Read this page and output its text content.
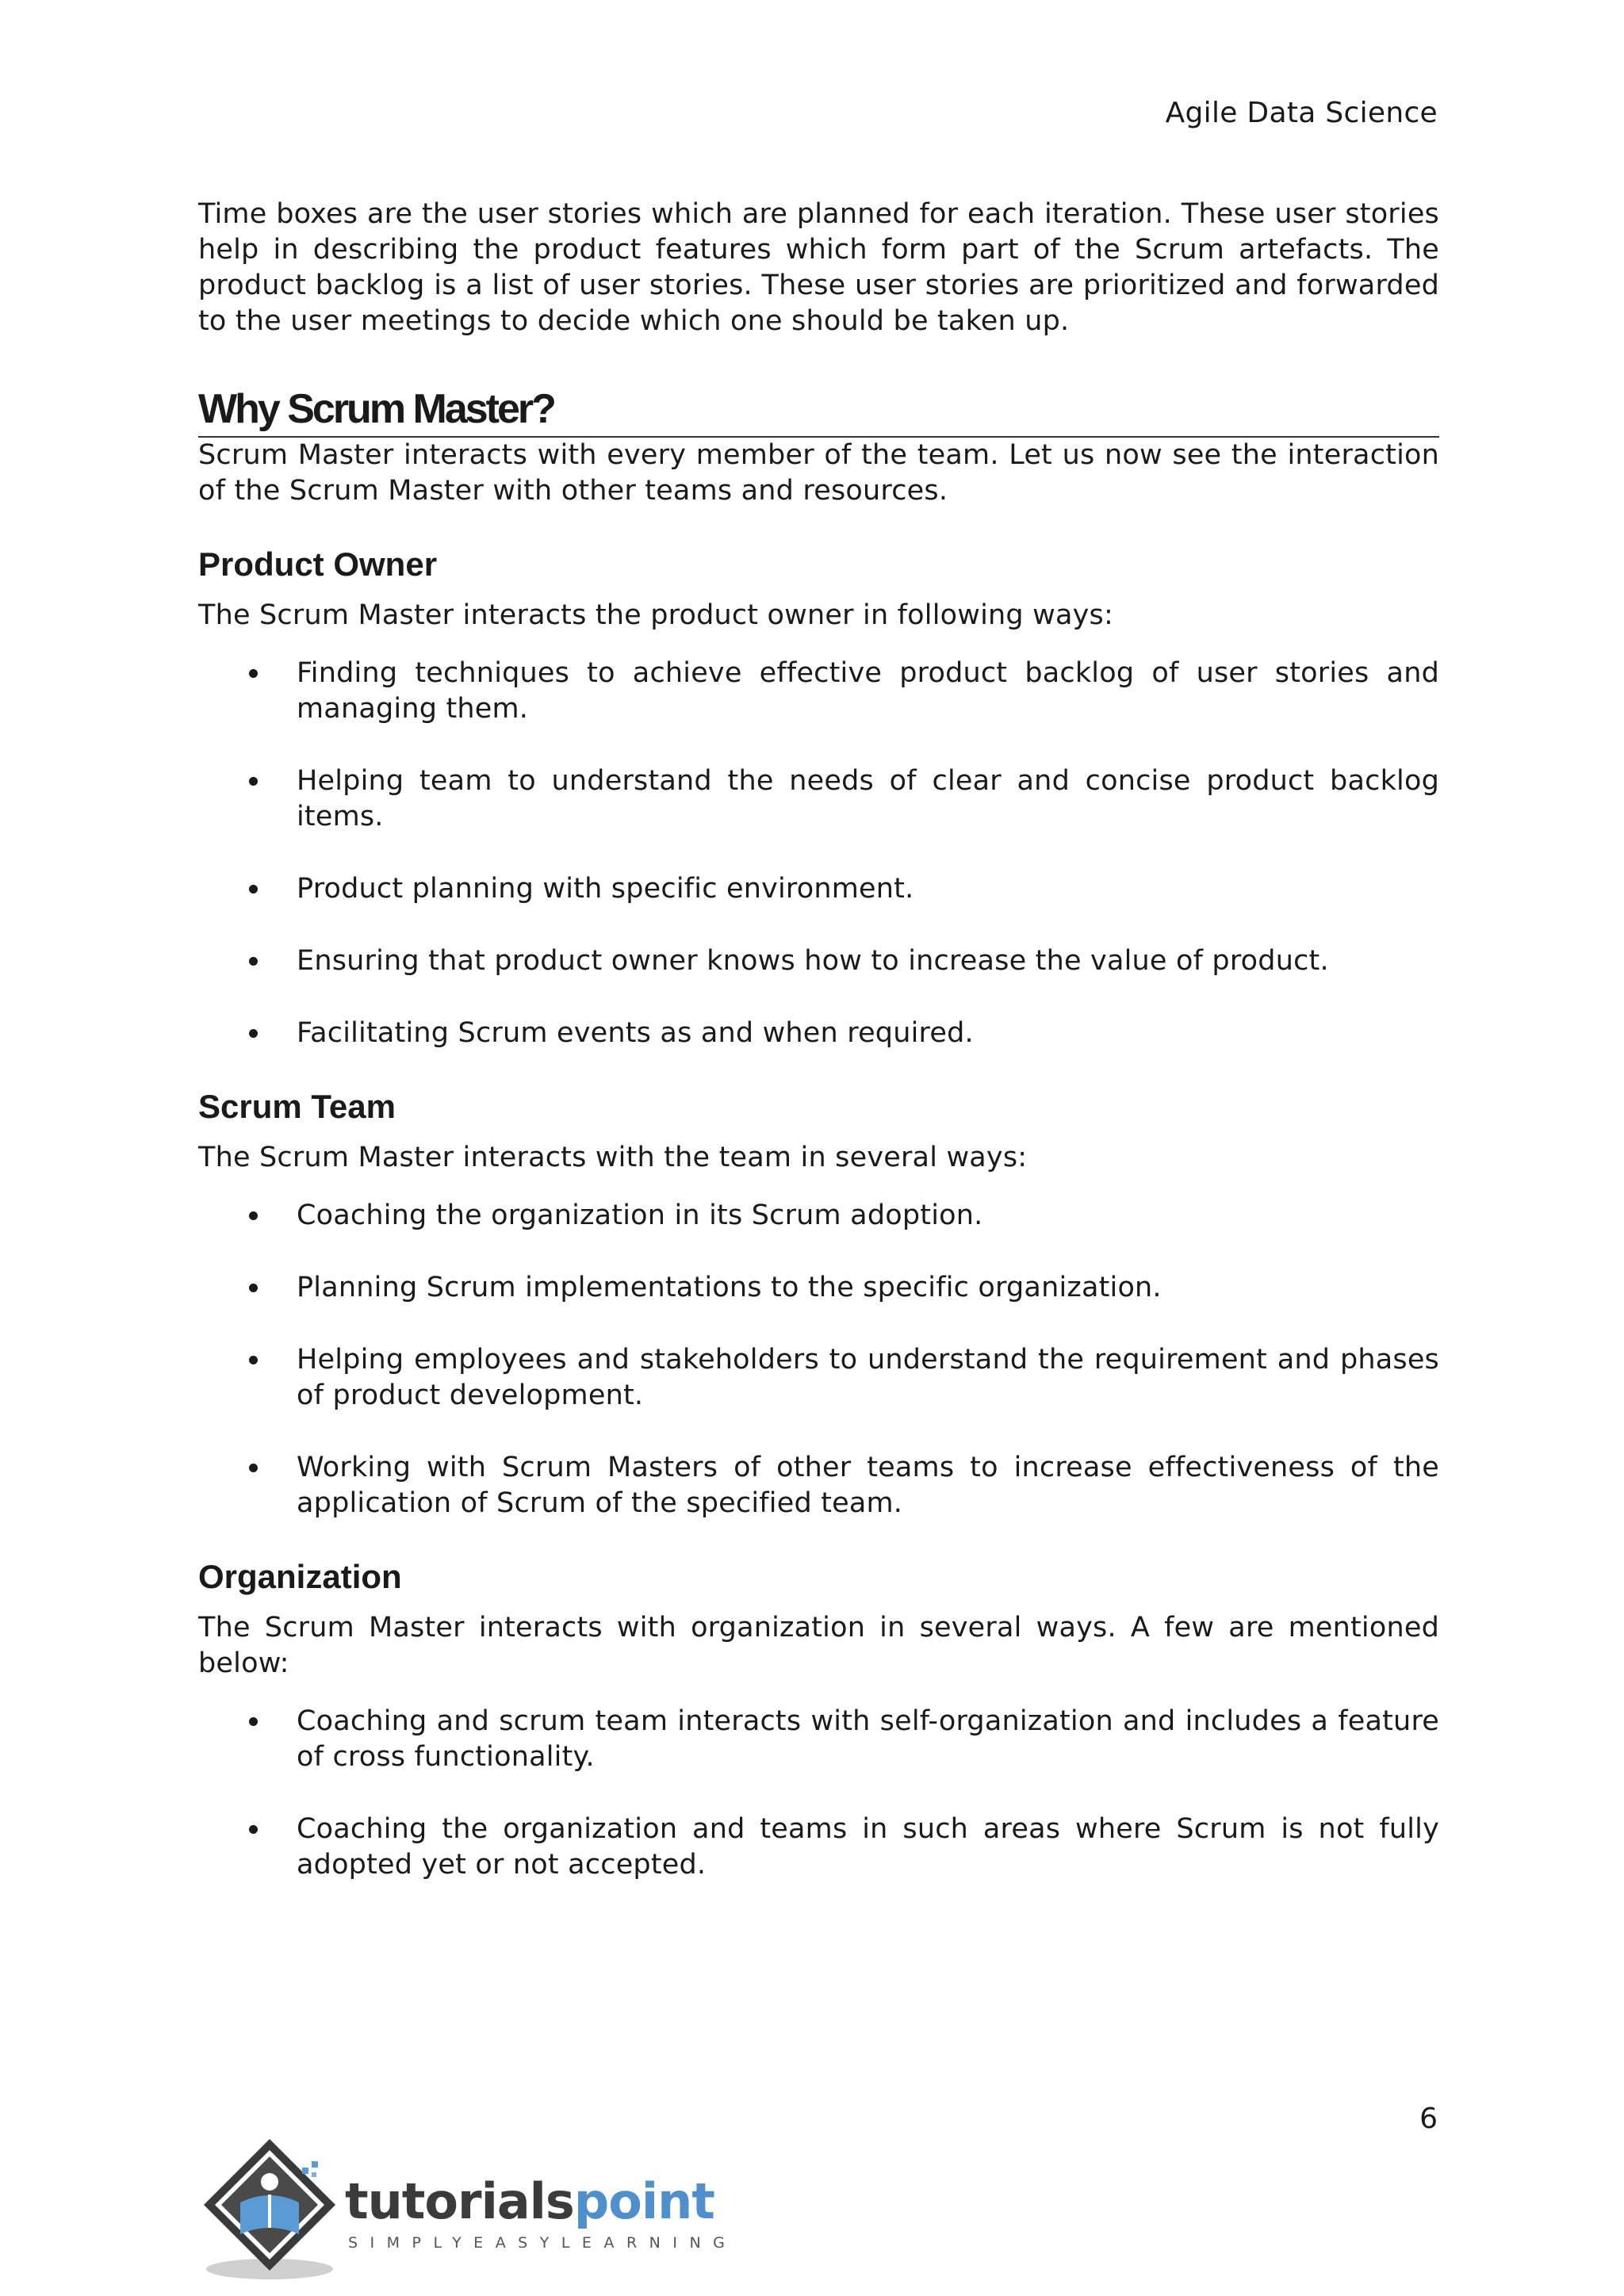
Agile Data Science

Time boxes are the user stories which are planned for each iteration. These user stories help in describing the product features which form part of the Scrum artefacts. The product backlog is a list of user stories. These user stories are prioritized and forwarded to the user meetings to decide which one should be taken up.

Why Scrum Master?

Scrum Master interacts with every member of the team. Let us now see the interaction of the Scrum Master with other teams and resources.

Product Owner

The Scrum Master interacts the product owner in following ways:

Finding techniques to achieve effective product backlog of user stories and managing them.
Helping team to understand the needs of clear and concise product backlog items.
Product planning with specific environment.
Ensuring that product owner knows how to increase the value of product.
Facilitating Scrum events as and when required.
Scrum Team

The Scrum Master interacts with the team in several ways:

Coaching the organization in its Scrum adoption.
Planning Scrum implementations to the specific organization.
Helping employees and stakeholders to understand the requirement and phases of product development.
Working with Scrum Masters of other teams to increase effectiveness of the application of Scrum of the specified team.
Organization

The Scrum Master interacts with organization in several ways. A few are mentioned below:

Coaching and scrum team interacts with self-organization and includes a feature of cross functionality.
Coaching the organization and teams in such areas where Scrum is not fully adopted yet or not accepted.
6
tutorialspoint
SIMPLYEASYLEARNING
